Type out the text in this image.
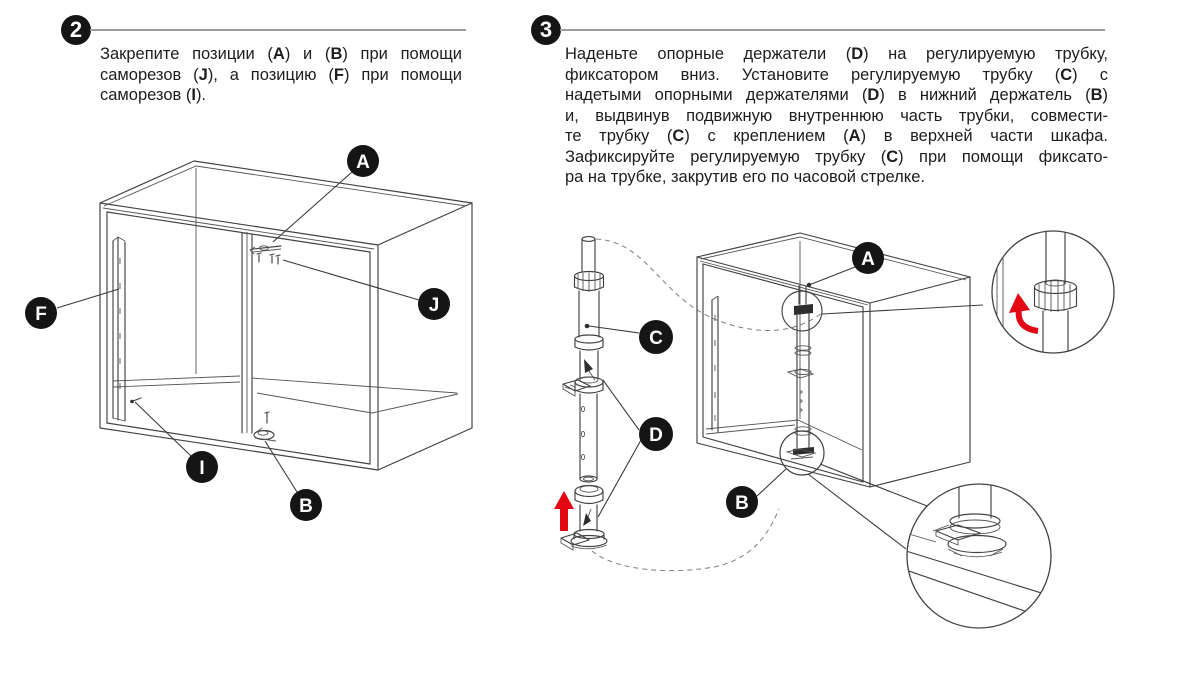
2
Закрепите позиции (A) и (B) при помощи
саморезов (J), а позицию (F) при помощи
саморезов (I).
A
J
F
I
B
3
Наденьте опорные держатели (D) на регулируемую трубку,
фиксатором вниз. Установите регулируемую трубку (C) с
надетыми опорными держателями (D) в нижний держатель (B)
и, выдвинув подвижную внутреннюю часть трубки, совмести-
те трубку (C) с креплением (A) в верхней части шкафа.
Зафиксируйте регулируемую трубку (C) при помощи фиксато-
ра на трубке, закрутив его по часовой стрелке.
A
B
C
D
